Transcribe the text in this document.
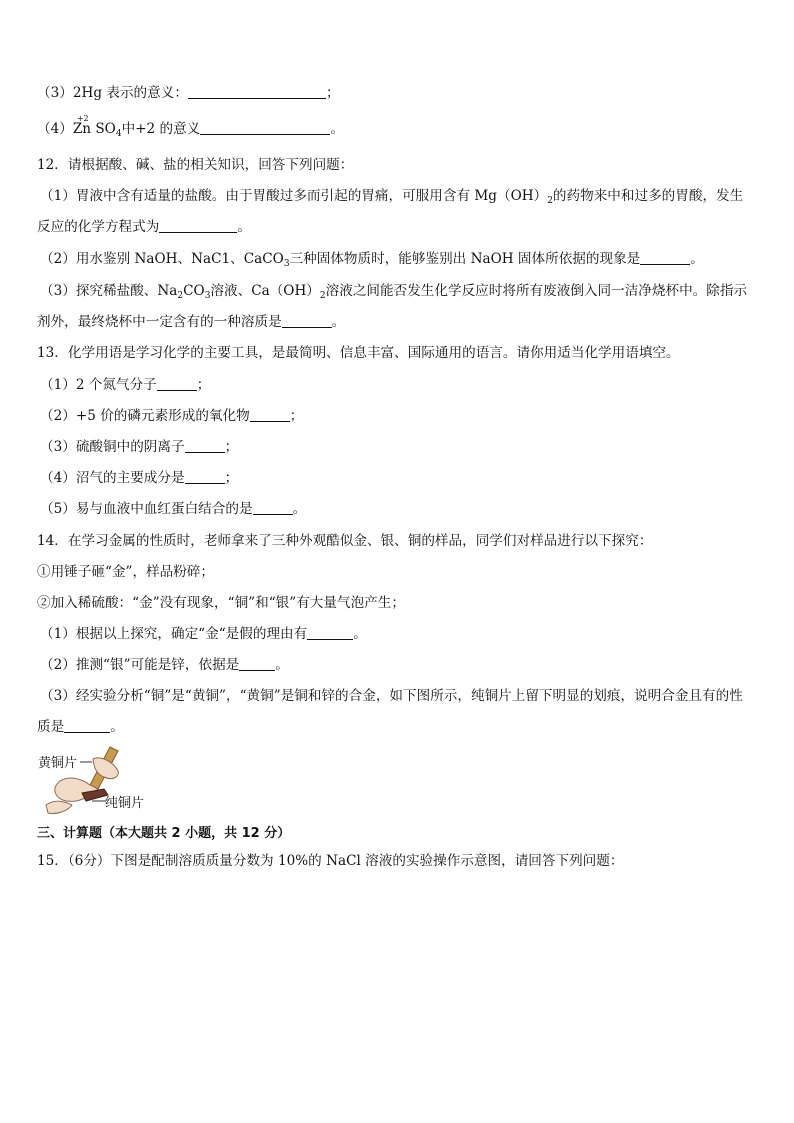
（3）2Hg 表示的意义：	；
（4）
+2
Zn $SO_4$中+2 的意义	。
12．请根据酸、碱、盐的相关知识，回答下列问题：
（1）胃液中含有适量的盐酸。由于胃酸过多而引起的胃痛，可服用含有 $Mg(OH)_2$的药物来中和过多的胃酸，发生
反应的化学方程式为	。
（2）用水鉴别 NaOH、NaC1、CaCO$_3$三种固体物质时，能够鉴别出 NaOH 固体所依据的现象是	。
（3）探究稀盐酸、$Na_2CO_3$溶液、$Ca(OH)_2$溶液之间能否发生化学反应时将所有废液倒入同一洁净烧杯中。除指示
剂外，最终烧杯中一定含有的一种溶质是	。
13．化学用语是学习化学的主要工具，是最简明、信息丰富、国际通用的语言。请你用适当化学用语填空。
（1）2 个氮气分子	；
（2）+5 价的磷元素形成的氧化物	；
（3）硫酸铜中的阴离子	；
（4）沼气的主要成分是	；
（5）易与血液中血红蛋白结合的是	。
14．在学习金属的性质时，老师拿来了三种外观酷似金、银、铜的样品，同学们对样品进行以下探究：
①用锤子砸“金”，样品粉碎；
②加入稀硫酸：“金”没有现象，“铜”和“银”有大量气泡产生；
（1）根据以上探究，确定“金“是假的理由有	。
（2）推测“银”可能是锌，依据是	。
（3）经实验分析“铜”是“黄铜”，“黄铜”是铜和锌的合金，如下图所示，纯铜片上留下明显的划痕，说明合金且有的性
质是	。
黄铜片
纯铜片
三、计算题（本大题共 2 小题，共 12 分）
15．（6分）下图是配制溶质质量分数为 10%的 NaCl 溶液的实验操作示意图，请回答下列问题：
